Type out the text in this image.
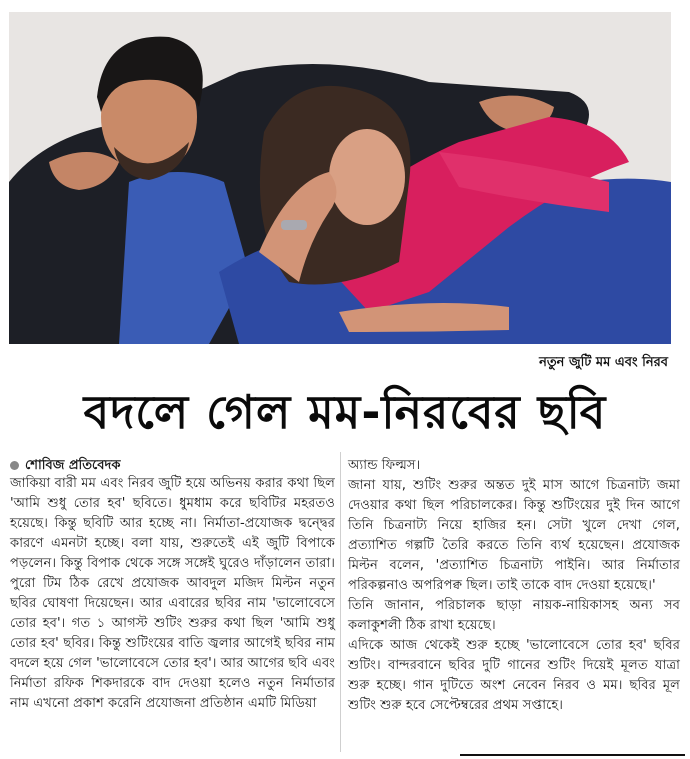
নতুন জুটি মম এবং নিরব
বদলে গেল মম-নিরবের ছবি
শোবিজ প্রতিবেদক

জাকিয়া বারী মম এবং নিরব জুটি হয়ে অভিনয় করার কথা ছিল 'আমি শুধু তোর হব' ছবিতে। ধুমধাম করে ছবিটির মহরতও হয়েছে। কিন্তু ছবিটি আর হচ্ছে না। নির্মাতা-প্রযোজক দ্বন্দ্বের কারণে এমনটা হচ্ছে। বলা যায়, শুরুতেই এই জুটি বিপাকে পড়লেন। কিন্তু বিপাক থেকে সঙ্গে সঙ্গেই ঘুরেও দাঁড়ালেন তারা। পুরো টিম ঠিক রেখে প্রযোজক আবদুল মজিদ মিল্টন নতুন ছবির ঘোষণা দিয়েছেন। আর এবারের ছবির নাম 'ভালোবেসে তোর হব'। গত ১ আগস্ট শুটিং শুরুর কথা ছিল 'আমি শুধু তোর হব' ছবির। কিন্তু শুটিংয়ের বাতি জ্বলার আগেই ছবির নাম বদলে হয়ে গেল 'ভালোবেসে তোর হব'। আর আগের ছবি এবং নির্মাতা রফিক শিকদারকে বাদ দেওয়া হলেও নতুন নির্মাতার নাম এখনো প্রকাশ করেনি প্রযোজনা প্রতিষ্ঠান এমটি মিডিয়া

অ্যান্ড ফিল্মস।

জানা যায়, শুটিং শুরুর অন্তত দুই মাস আগে চিত্রনাট্য জমা দেওয়ার কথা ছিল পরিচালকের। কিন্তু শুটিংয়ের দুই দিন আগে তিনি চিত্রনাট্য নিয়ে হাজির হন। সেটা খুলে দেখা গেল, প্রত্যাশিত গল্পটি তৈরি করতে তিনি ব্যর্থ হয়েছেন। প্রযোজক মিল্টন বলেন, 'প্রত্যাশিত চিত্রনাট্য পাইনি। আর নির্মাতার পরিকল্পনাও অপরিপক্ব ছিল। তাই তাকে বাদ দেওয়া হয়েছে।'

তিনি জানান, পরিচালক ছাড়া নায়ক-নায়িকাসহ অন্য সব কলাকুশলী ঠিক রাখা হয়েছে।

এদিকে আজ থেকেই শুরু হচ্ছে 'ভালোবেসে তোর হব' ছবির শুটিং। বান্দরবানে ছবির দুটি গানের শুটিং দিয়েই মূলত যাত্রা শুরু হচ্ছে। গান দুটিতে অংশ নেবেন নিরব ও মম। ছবির মূল শুটিং শুরু হবে সেপ্টেম্বরের প্রথম সপ্তাহে।
